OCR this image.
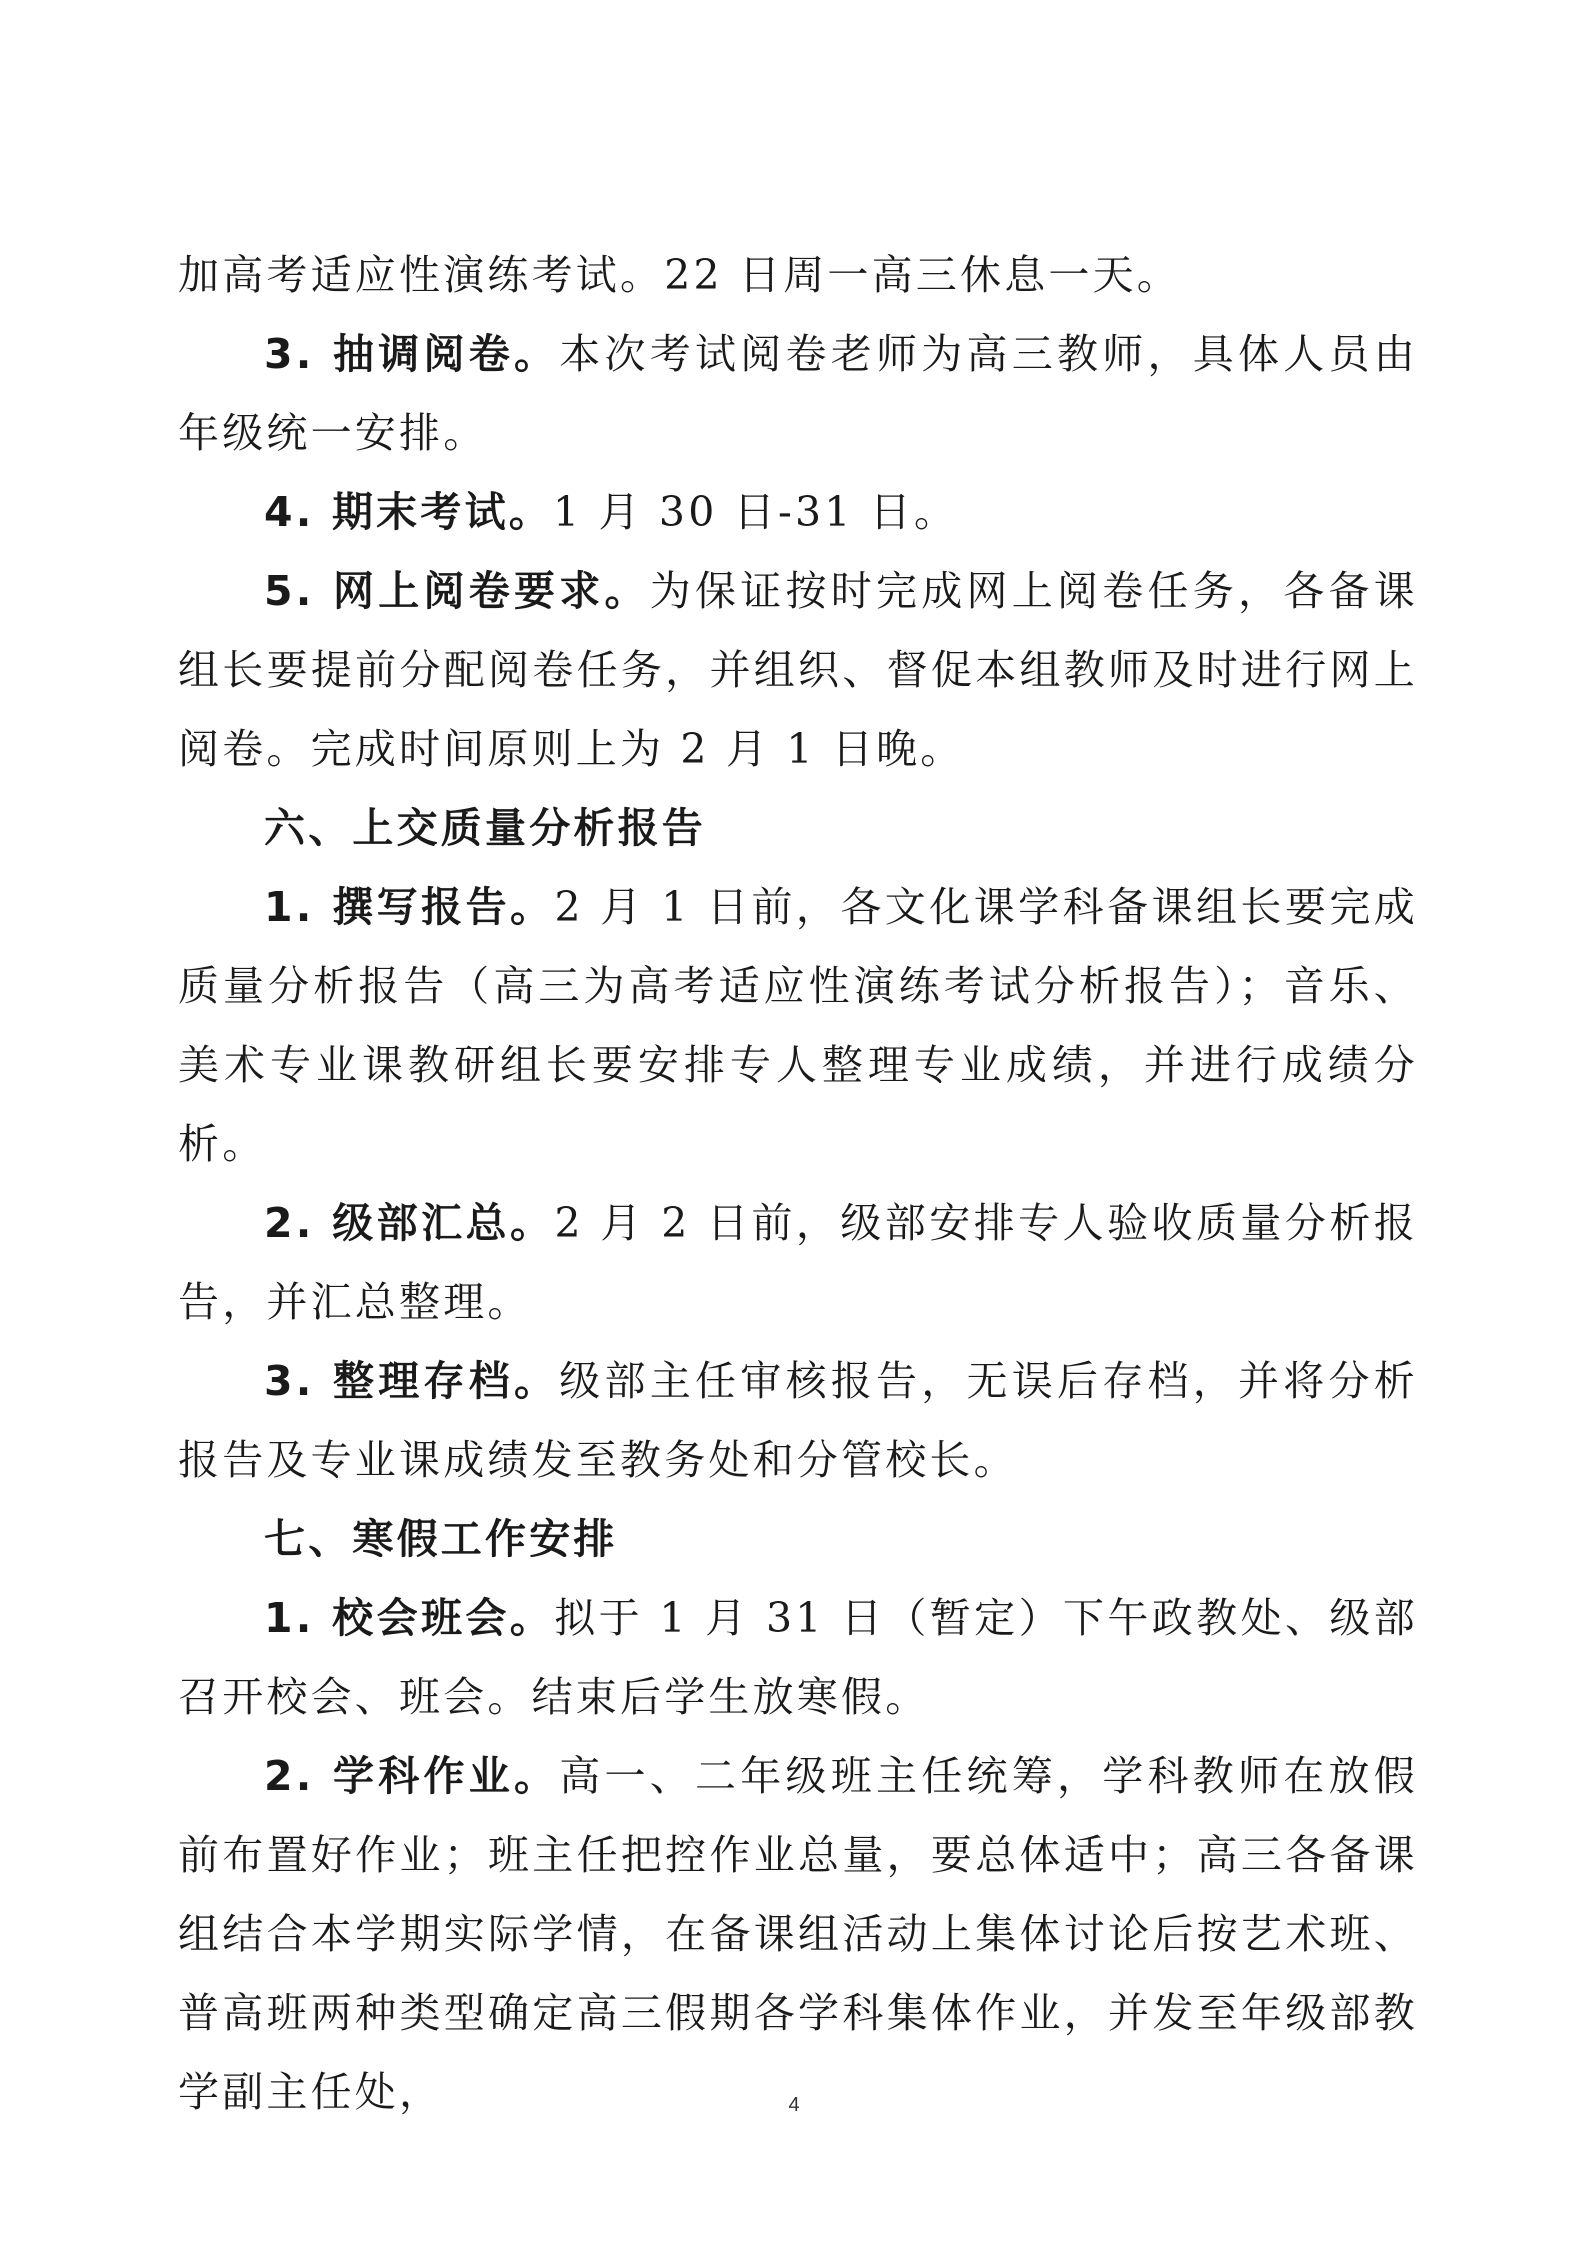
加高考适应性演练考试。22 日周一高三休息一天。

3. 抽调阅卷。本次考试阅卷老师为高三教师，具体人员由年级统一安排。

4. 期末考试。1 月 30 日-31 日。

5. 网上阅卷要求。为保证按时完成网上阅卷任务，各备课组长要提前分配阅卷任务，并组织、督促本组教师及时进行网上阅卷。完成时间原则上为 2 月 1 日晚。

六、上交质量分析报告

1. 撰写报告。2 月 1 日前，各文化课学科备课组长要完成质量分析报告（高三为高考适应性演练考试分析报告）；音乐、美术专业课教研组长要安排专人整理专业成绩，并进行成绩分析。

2. 级部汇总。2 月 2 日前，级部安排专人验收质量分析报告，并汇总整理。

3. 整理存档。级部主任审核报告，无误后存档，并将分析报告及专业课成绩发至教务处和分管校长。

七、寒假工作安排

1. 校会班会。拟于 1 月 31 日（暂定）下午政教处、级部召开校会、班会。结束后学生放寒假。

2. 学科作业。高一、二年级班主任统筹，学科教师在放假前布置好作业；班主任把控作业总量，要总体适中；高三各备课组结合本学期实际学情，在备课组活动上集体讨论后按艺术班、普高班两种类型确定高三假期各学科集体作业，并发至年级部教学副主任处，	4
